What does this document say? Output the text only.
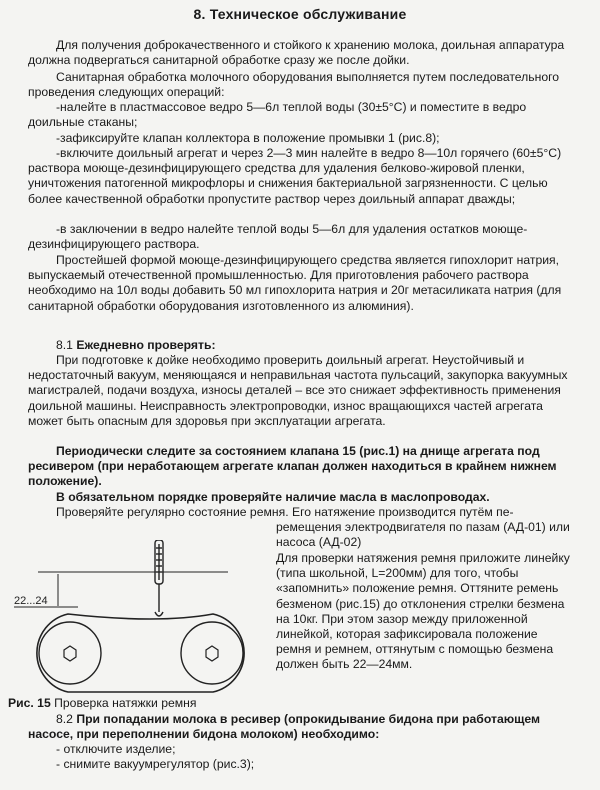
8. Техническое обслуживание

Для получения доброкачественного и стойкого к хранению молока, доильная аппаратура должна подвергаться санитарной обработке сразу же после дойки.

Санитарная обработка молочного оборудования выполняется путем последовательного проведения следующих операций:

-налейте в пластмассовое ведро 5—6л теплой воды (30±5°С) и поместите в ведро доильные стаканы;

-зафиксируйте клапан коллектора в положение промывки 1 (рис.8);

-включите доильный агрегат и через 2—3 мин налейте в ведро 8—10л горячего (60±5°С) раствора моюще-дезинфицирующего средства для удаления белково-жировой пленки, уничтожения патогенной микрофлоры и снижения бактериальной загрязненности. С целью более качественной обработки пропустите раствор через доильный аппарат дважды;

-в заключении в ведро налейте теплой воды 5—6л для удаления остатков моюще-дезинфицирующего раствора.

Простейшей формой моюще-дезинфицирующего средства является гипохлорит натрия, выпускаемый отечественной промышленностью. Для приготовления рабочего раствора необходимо на 10л воды добавить 50 мл гипохлорита натрия и 20г метасиликата натрия (для санитарной обработки оборудования изготовленного из алюминия).

8.1 Ежедневно проверять:

При подготовке к дойке необходимо проверить доильный агрегат. Неустойчивый и недостаточный вакуум, меняющаяся и неправильная частота пульсаций, закупорка вакуумных магистралей, подачи воздуха, износы деталей – все это снижает эффективность применения доильной машины. Неисправность электропроводки, износ вращающихся частей агрегата может быть опасным для здоровья при эксплуатации агрегата.

Периодически следите за состоянием клапана 15 (рис.1) на днище агрегата под ресивером (при неработающем агрегате клапан должен находиться в крайнем нижнем положение).

В обязательном порядке проверяйте наличие масла в маслопроводах.

Проверяйте регулярно состояние ремня. Его натяжение производится путём пе-

ремещения электродвигателя по пазам (АД-01) или насоса (АД-02)

Для проверки натяжения ремня приложите линейку (типа школьной, L=200мм) для того, чтобы «запомнить» положение ремня. Оттяните ремень безменом (рис.15) до отклонения стрелки безмена на 10кг. При этом зазор между приложенной линейкой, которая зафиксировала положение ремня и ремнем, оттянутым с помощью безмена должен быть 22—24мм.

22...24
Рис. 15 Проверка натяжки ремня

8.2 При попадании молока в ресивер (опрокидывание бидона при работающем насосе, при переполнении бидона молоком) необходимо:

- отключите изделие;

- снимите вакуумрегулятор (рис.3);
